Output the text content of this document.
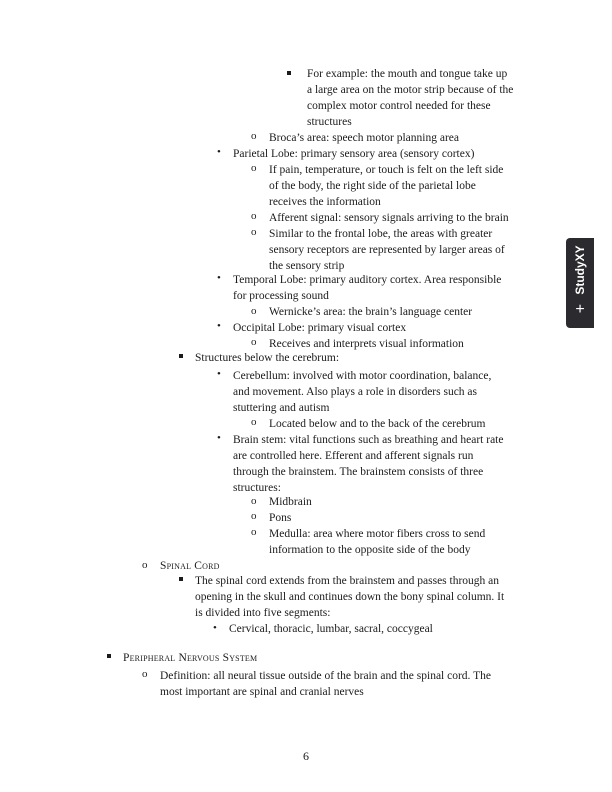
o
•
o
o
o
•
o
•
o
•
o
•
o
o
o
o
•
o
For example: the mouth and tongue take up
a large area on the motor strip because of the
complex motor control needed for these
structures
Broca’s area: speech motor planning area
Parietal Lobe: primary sensory area (sensory cortex)
If pain, temperature, or touch is felt on the left side
of the body, the right side of the parietal lobe
receives the information
Afferent signal: sensory signals arriving to the brain
Similar to the frontal lobe, the areas with greater
sensory receptors are represented by larger areas of
the sensory strip
Temporal Lobe: primary auditory cortex. Area responsible
for processing sound
Wernicke’s area: the brain’s language center
Occipital Lobe: primary visual cortex
Receives and interprets visual information
Structures below the cerebrum:
Cerebellum: involved with motor coordination, balance,
and movement. Also plays a role in disorders such as
stuttering and autism
Located below and to the back of the cerebrum
Brain stem: vital functions such as breathing and heart rate
are controlled here. Efferent and afferent signals run
through the brainstem. The brainstem consists of three
structures:
Midbrain
Pons
Medulla: area where motor fibers cross to send
information to the opposite side of the body
Spinal Cord
The spinal cord extends from the brainstem and passes through an
opening in the skull and continues down the bony spinal column. It
is divided into five segments:
Cervical, thoracic, lumbar, sacral, coccygeal
Peripheral Nervous System
Definition: all neural tissue outside of the brain and the spinal cord. The
most important are spinal and cranial nerves
6
StudyXY
+
